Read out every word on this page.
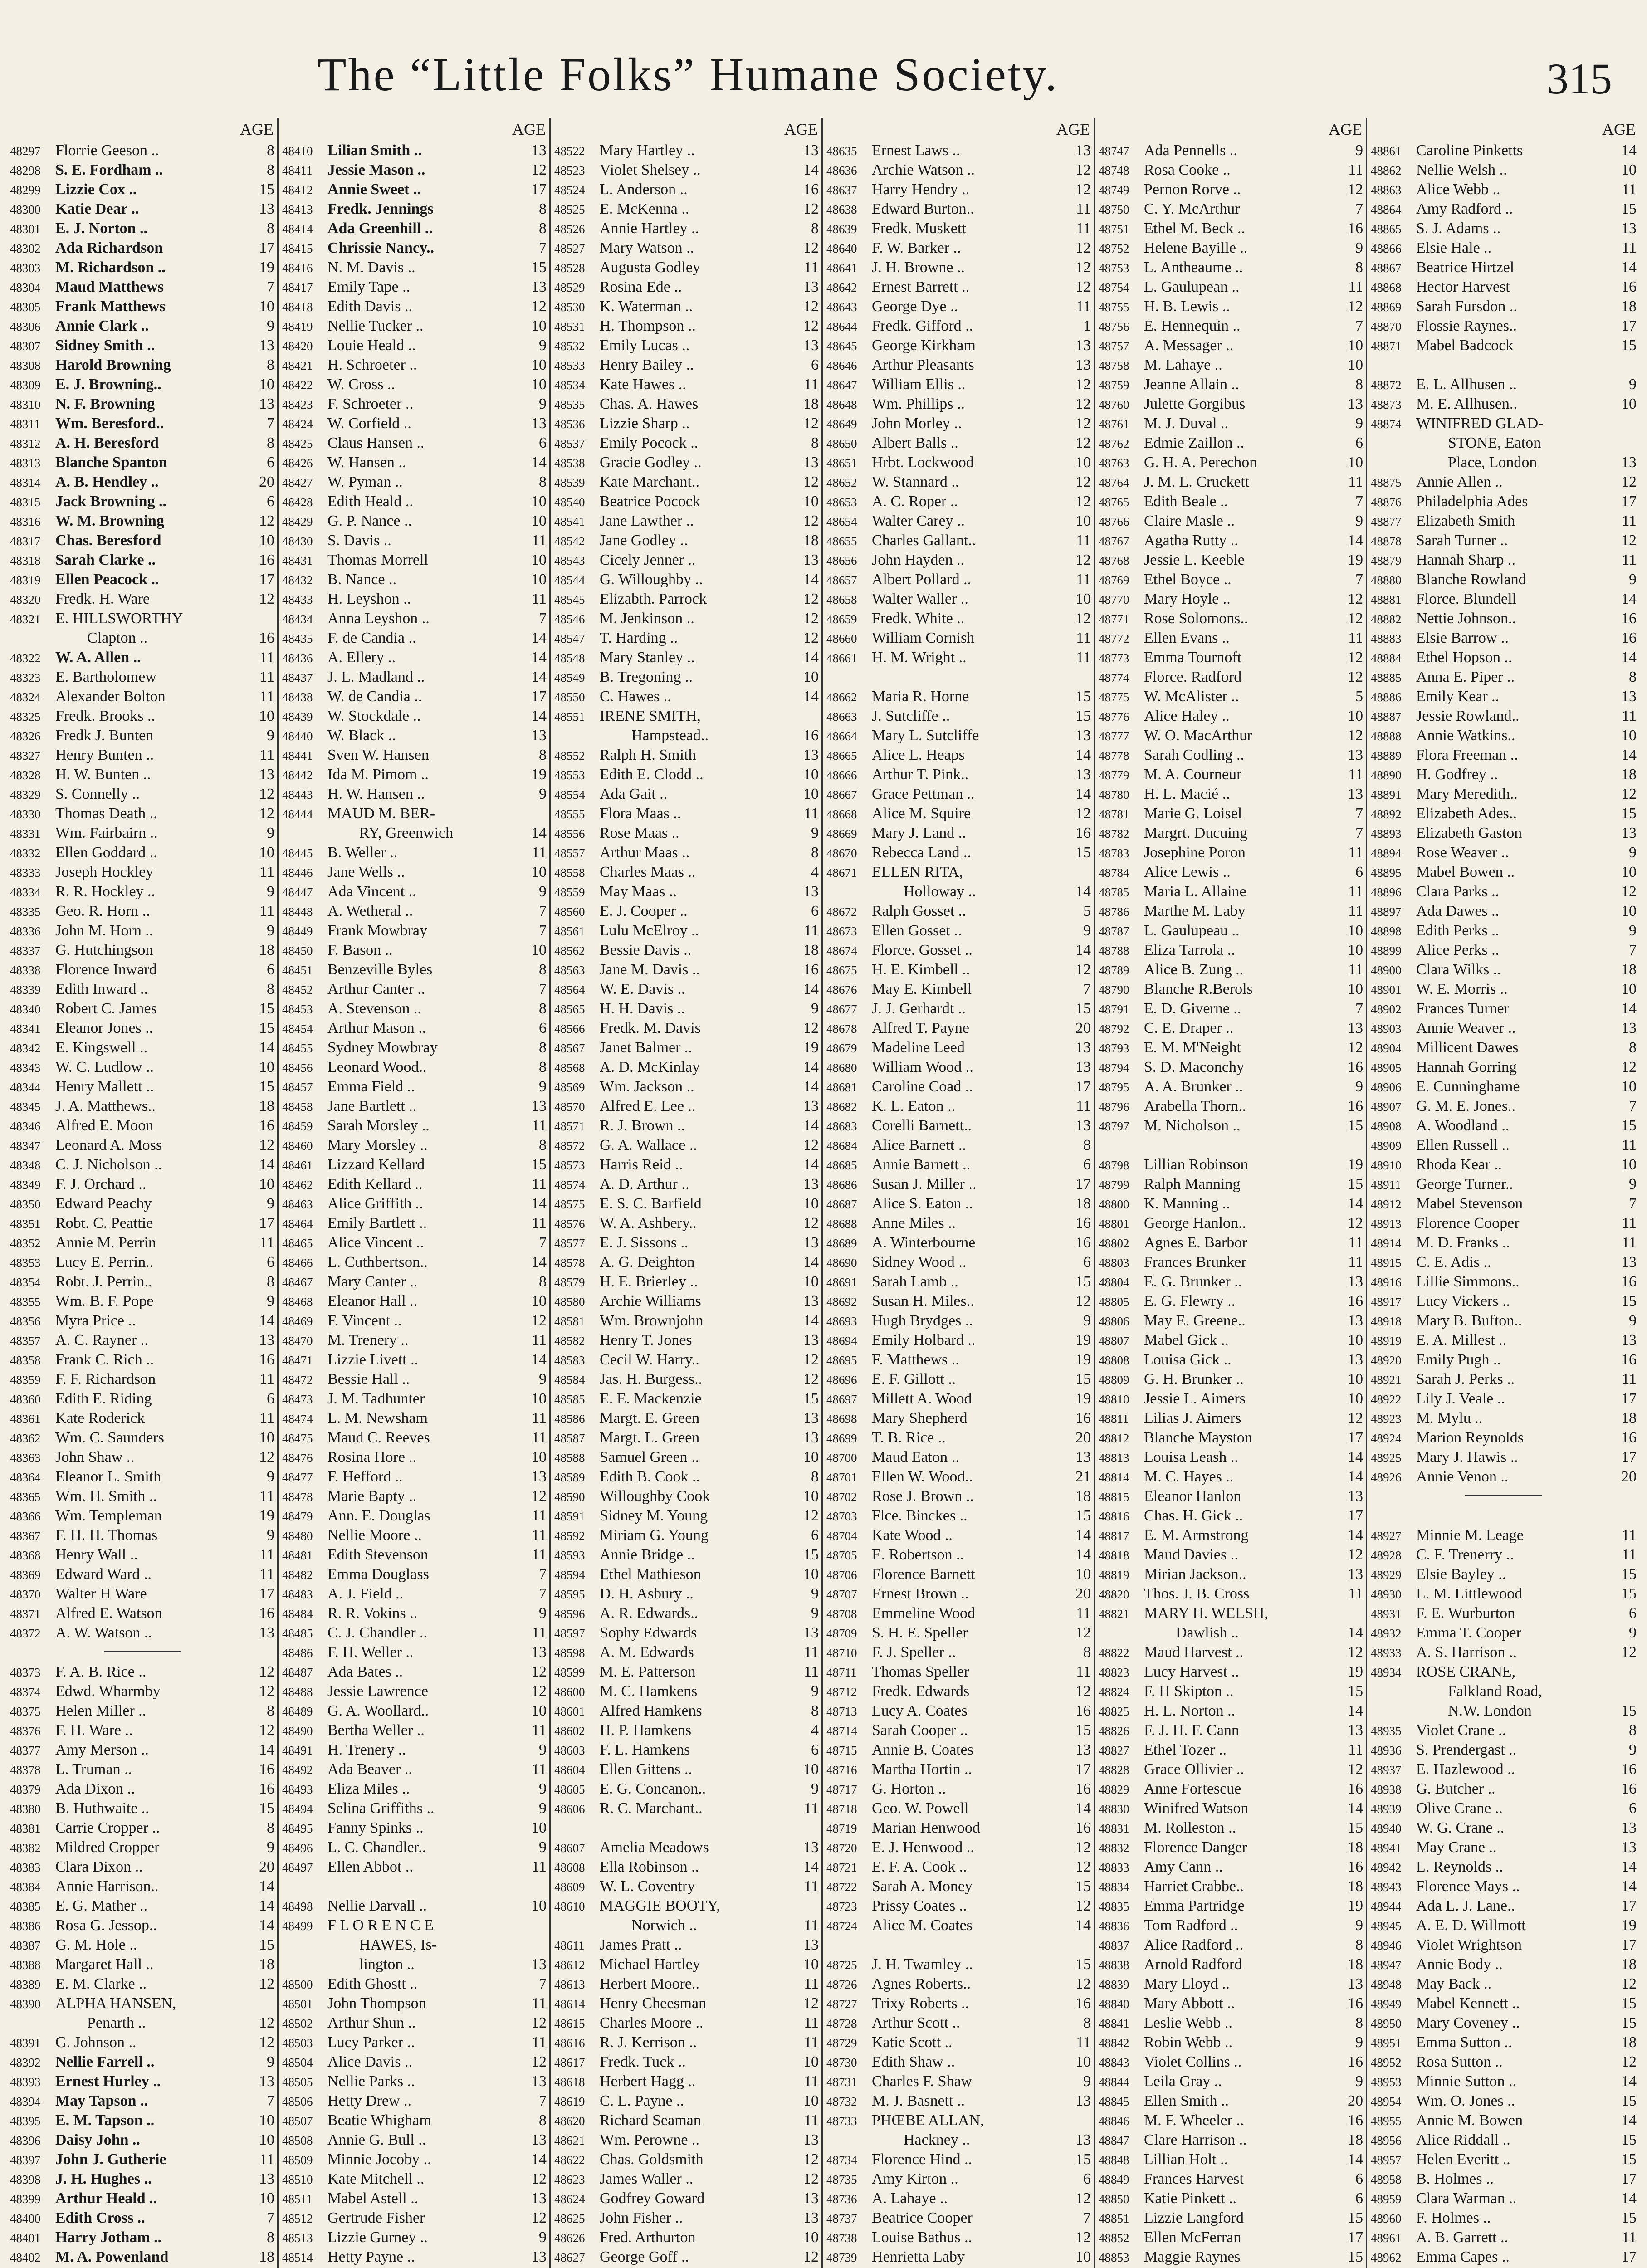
The “Little Folks” Humane Society.	315
AGE
48297 Florrie Geeson ..	8
48298 S. E. Fordham ..	8
48299 Lizzie Cox ..	15
48300 Katie Dear ..	13
48301 E. J. Norton ..	8
48302 Ada Richardson	17
48303 M. Richardson ..	19
48304 Maud Matthews	7
48305 Frank Matthews	10
48306 Annie Clark ..	9
48307 Sidney Smith ..	13
48308 Harold Browning	8
48309 E. J. Browning..	10
48310 N. F. Browning	13
48311 Wm. Beresford..	7
48312 A. H. Beresford	8
48313 Blanche Spanton	6
48314 A. B. Hendley ..	20
48315 Jack Browning ..	6
48316 W. M. Browning	12
48317 Chas. Beresford	10
48318 Sarah Clarke ..	16
48319 Ellen Peacock ..	17
48320 Fredk. H. Ware	12
48321 E. HILLSWORTHY
Clapton ..	16
48322 W. A. Allen ..	11
48323 E. Bartholomew	11
48324 Alexander Bolton	11
48325 Fredk. Brooks ..	10
48326 Fredk J. Bunten	9
48327 Henry Bunten ..	11
48328 H. W. Bunten ..	13
48329 S. Connelly ..	12
48330 Thomas Death ..	12
48331 Wm. Fairbairn ..	9
48332 Ellen Goddard ..	10
48333 Joseph Hockley	11
48334 R. R. Hockley ..	9
48335 Geo. R. Horn ..	11
48336 John M. Horn ..	9
48337 G. Hutchingson	18
48338 Florence Inward	6
48339 Edith Inward ..	8
48340 Robert C. James	15
48341 Eleanor Jones ..	15
48342 E. Kingswell ..	14
48343 W. C. Ludlow ..	10
48344 Henry Mallett ..	15
48345 J. A. Matthews..	18
48346 Alfred E. Moon	16
48347 Leonard A. Moss	12
48348 C. J. Nicholson ..	14
48349 F. J. Orchard ..	10
48350 Edward Peachy	9
48351 Robt. C. Peattie	17
48352 Annie M. Perrin	11
48353 Lucy E. Perrin..	6
48354 Robt. J. Perrin..	8
48355 Wm. B. F. Pope	9
48356 Myra Price ..	14
48357 A. C. Rayner ..	13
48358 Frank C. Rich ..	16
48359 F. F. Richardson	11
48360 Edith E. Riding	6
48361 Kate Roderick	11
48362 Wm. C. Saunders	10
48363 John Shaw ..	12
48364 Eleanor L. Smith	9
48365 Wm. H. Smith ..	11
48366 Wm. Templeman	19
48367 F. H. H. Thomas	9
48368 Henry Wall ..	11
48369 Edward Ward ..	11
48370 Walter H Ware	17
48371 Alfred E. Watson	16
48372 A. W. Watson ..	13
48373 F. A. B. Rice ..	12
48374 Edwd. Wharmby	12
48375 Helen Miller ..	8
48376 F. H. Ware ..	12
48377 Amy Merson ..	14
48378 L. Truman ..	16
48379 Ada Dixon ..	16
48380 B. Huthwaite ..	15
48381 Carrie Cropper ..	8
48382 Mildred Cropper	9
48383 Clara Dixon ..	20
48384 Annie Harrison..	14
48385 E. G. Mather ..	14
48386 Rosa G. Jessop..	14
48387 G. M. Hole ..	15
48388 Margaret Hall ..	18
48389 E. M. Clarke ..	12
48390 ALPHA HANSEN,
Penarth ..	12
48391 G. Johnson ..	12
48392 Nellie Farrell ..	9
48393 Ernest Hurley ..	13
48394 May Tapson ..	7
48395 E. M. Tapson ..	10
48396 Daisy John ..	10
48397 John J. Gutherie	11
48398 J. H. Hughes ..	13
48399 Arthur Heald ..	10
48400 Edith Cross ..	7
48401 Harry Jotham ..	8
48402 M. A. Powenland	18
AGE
48410 Lilian Smith ..	13
48411 Jessie Mason ..	12
48412 Annie Sweet ..	17
48413 Fredk. Jennings	8
48414 Ada Greenhill ..	8
48415 Chrissie Nancy..	7
48416 N. M. Davis ..	15
48417 Emily Tape ..	13
48418 Edith Davis ..	12
48419 Nellie Tucker ..	10
48420 Louie Heald ..	9
48421 H. Schroeter ..	10
48422 W. Cross ..	10
48423 F. Schroeter ..	9
48424 W. Corfield ..	13
48425 Claus Hansen ..	6
48426 W. Hansen ..	14
48427 W. Pyman ..	8
48428 Edith Heald ..	10
48429 G. P. Nance ..	10
48430 S. Davis ..	11
48431 Thomas Morrell	10
48432 B. Nance ..	10
48433 H. Leyshon ..	11
48434 Anna Leyshon ..	7
48435 F. de Candia ..	14
48436 A. Ellery ..	14
48437 J. L. Madland ..	14
48438 W. de Candia ..	17
48439 W. Stockdale ..	14
48440 W. Black ..	13
48441 Sven W. Hansen	8
48442 Ida M. Pimom ..	19
48443 H. W. Hansen ..	9
48444 MAUD M. BER-
RY, Greenwich	14
48445 B. Weller ..	11
48446 Jane Wells ..	10
48447 Ada Vincent ..	9
48448 A. Wetheral ..	7
48449 Frank Mowbray	7
48450 F. Bason ..	10
48451 Benzeville Byles	8
48452 Arthur Canter ..	7
48453 A. Stevenson ..	8
48454 Arthur Mason ..	6
48455 Sydney Mowbray	8
48456 Leonard Wood..	8
48457 Emma Field ..	9
48458 Jane Bartlett ..	13
48459 Sarah Morsley ..	11
48460 Mary Morsley ..	8
48461 Lizzard Kellard	15
48462 Edith Kellard ..	11
48463 Alice Griffith ..	14
48464 Emily Bartlett ..	11
48465 Alice Vincent ..	7
48466 L. Cuthbertson..	14
48467 Mary Canter ..	8
48468 Eleanor Hall ..	10
48469 F. Vincent ..	12
48470 M. Trenery ..	11
48471 Lizzie Livett ..	14
48472 Bessie Hall ..	9
48473 J. M. Tadhunter	10
48474 L. M. Newsham	11
48475 Maud C. Reeves	11
48476 Rosina Hore ..	10
48477 F. Hefford ..	13
48478 Marie Bapty ..	12
48479 Ann. E. Douglas	11
48480 Nellie Moore ..	11
48481 Edith Stevenson	11
48482 Emma Douglass	7
48483 A. J. Field ..	7
48484 R. R. Vokins ..	9
48485 C. J. Chandler ..	11
48486 F. H. Weller ..	13
48487 Ada Bates ..	12
48488 Jessie Lawrence	12
48489 G. A. Woollard..	10
48490 Bertha Weller ..	11
48491 H. Trenery ..	9
48492 Ada Beaver ..	11
48493 Eliza Miles ..	9
48494 Selina Griffiths ..	9
48495 Fanny Spinks ..	10
48496 L. C. Chandler..	9
48497 Ellen Abbot ..	11
48498 Nellie Darvall ..	10
48499 F L O R E N C E
HAWES, Is-
lington ..	13
48500 Edith Ghostt ..	7
48501 John Thompson	11
48502 Arthur Shun ..	12
48503 Lucy Parker ..	11
48504 Alice Davis ..	12
48505 Nellie Parks ..	13
48506 Hetty Drew ..	7
48507 Beatie Whigham	8
48508 Annie G. Bull ..	13
48509 Minnie Jocoby ..	14
48510 Kate Mitchell ..	12
48511 Mabel Astell ..	13
48512 Gertrude Fisher	12
48513 Lizzie Gurney ..	9
48514 Hetty Payne ..	13
AGE
48522 Mary Hartley ..	13
48523 Violet Shelsey ..	14
48524 L. Anderson ..	16
48525 E. McKenna ..	12
48526 Annie Hartley ..	8
48527 Mary Watson ..	12
48528 Augusta Godley	11
48529 Rosina Ede ..	13
48530 K. Waterman ..	12
48531 H. Thompson ..	12
48532 Emily Lucas ..	13
48533 Henry Bailey ..	6
48534 Kate Hawes ..	11
48535 Chas. A. Hawes	18
48536 Lizzie Sharp ..	12
48537 Emily Pocock ..	8
48538 Gracie Godley ..	13
48539 Kate Marchant..	12
48540 Beatrice Pocock	10
48541 Jane Lawther ..	12
48542 Jane Godley ..	18
48543 Cicely Jenner ..	13
48544 G. Willoughby ..	14
48545 Elizabth. Parrock	12
48546 M. Jenkinson ..	12
48547 T. Harding ..	12
48548 Mary Stanley ..	14
48549 B. Tregoning ..	10
48550 C. Hawes ..	14
48551 IRENE SMITH,
Hampstead..	16
48552 Ralph H. Smith	13
48553 Edith E. Clodd ..	10
48554 Ada Gait ..	10
48555 Flora Maas ..	11
48556 Rose Maas ..	9
48557 Arthur Maas ..	8
48558 Charles Maas ..	4
48559 May Maas ..	13
48560 E. J. Cooper ..	6
48561 Lulu McElroy ..	11
48562 Bessie Davis ..	18
48563 Jane M. Davis ..	16
48564 W. E. Davis ..	14
48565 H. H. Davis ..	9
48566 Fredk. M. Davis	12
48567 Janet Balmer ..	19
48568 A. D. McKinlay	14
48569 Wm. Jackson ..	14
48570 Alfred E. Lee ..	13
48571 R. J. Brown ..	14
48572 G. A. Wallace ..	12
48573 Harris Reid ..	14
48574 A. D. Arthur ..	13
48575 E. S. C. Barfield	10
48576 W. A. Ashbery..	12
48577 E. J. Sissons ..	13
48578 A. G. Deighton	14
48579 H. E. Brierley ..	10
48580 Archie Williams	13
48581 Wm. Brownjohn	14
48582 Henry T. Jones	13
48583 Cecil W. Harry..	12
48584 Jas. H. Burgess..	12
48585 E. E. Mackenzie	15
48586 Margt. E. Green	13
48587 Margt. L. Green	13
48588 Samuel Green ..	10
48589 Edith B. Cook ..	8
48590 Willoughby Cook	10
48591 Sidney M. Young	12
48592 Miriam G. Young	6
48593 Annie Bridge ..	15
48594 Ethel Mathieson	10
48595 D. H. Asbury ..	9
48596 A. R. Edwards..	9
48597 Sophy Edwards	13
48598 A. M. Edwards	11
48599 M. E. Patterson	11
48600 M. C. Hamkens	9
48601 Alfred Hamkens	8
48602 H. P. Hamkens	4
48603 F. L. Hamkens	6
48604 Ellen Gittens ..	10
48605 E. G. Concanon..	9
48606 R. C. Marchant..	11
48607 Amelia Meadows	13
48608 Ella Robinson ..	14
48609 W. L. Coventry	11
48610 MAGGIE BOOTY,
Norwich ..	11
48611 James Pratt ..	13
48612 Michael Hartley	10
48613 Herbert Moore..	11
48614 Henry Cheesman	12
48615 Charles Moore ..	11
48616 R. J. Kerrison ..	11
48617 Fredk. Tuck ..	10
48618 Herbert Hagg ..	11
48619 C. L. Payne ..	10
48620 Richard Seaman	11
48621 Wm. Perowne ..	13
48622 Chas. Goldsmith	12
48623 James Waller ..	12
48624 Godfrey Goward	13
48625 John Fisher ..	13
48626 Fred. Arthurton	10
48627 George Goff ..	12
AGE
48635 Ernest Laws ..	13
48636 Archie Watson ..	12
48637 Harry Hendry ..	12
48638 Edward Burton..	11
48639 Fredk. Muskett	11
48640 F. W. Barker ..	12
48641 J. H. Browne ..	12
48642 Ernest Barrett ..	12
48643 George Dye ..	11
48644 Fredk. Gifford ..	1
48645 George Kirkham	13
48646 Arthur Pleasants	13
48647 William Ellis ..	12
48648 Wm. Phillips ..	12
48649 John Morley ..	12
48650 Albert Balls ..	12
48651 Hrbt. Lockwood	10
48652 W. Stannard ..	12
48653 A. C. Roper ..	12
48654 Walter Carey ..	10
48655 Charles Gallant..	11
48656 John Hayden ..	12
48657 Albert Pollard ..	11
48658 Walter Waller ..	10
48659 Fredk. White ..	12
48660 William Cornish	11
48661 H. M. Wright ..	11
48662 Maria R. Horne	15
48663 J. Sutcliffe ..	15
48664 Mary L. Sutcliffe	13
48665 Alice L. Heaps	14
48666 Arthur T. Pink..	13
48667 Grace Pettman ..	14
48668 Alice M. Squire	12
48669 Mary J. Land ..	16
48670 Rebecca Land ..	15
48671 ELLEN RITA,
Holloway ..	14
48672 Ralph Gosset ..	5
48673 Ellen Gosset ..	9
48674 Florce. Gosset ..	14
48675 H. E. Kimbell ..	12
48676 May E. Kimbell	7
48677 J. J. Gerhardt ..	15
48678 Alfred T. Payne	20
48679 Madeline Leed	13
48680 William Wood ..	13
48681 Caroline Coad ..	17
48682 K. L. Eaton ..	11
48683 Corelli Barnett..	13
48684 Alice Barnett ..	8
48685 Annie Barnett ..	6
48686 Susan J. Miller ..	17
48687 Alice S. Eaton ..	18
48688 Anne Miles ..	16
48689 A. Winterbourne	16
48690 Sidney Wood ..	6
48691 Sarah Lamb ..	15
48692 Susan H. Miles..	12
48693 Hugh Brydges ..	9
48694 Emily Holbard ..	19
48695 F. Matthews ..	19
48696 E. F. Gillott ..	15
48697 Millett A. Wood	19
48698 Mary Shepherd	16
48699 T. B. Rice ..	20
48700 Maud Eaton ..	13
48701 Ellen W. Wood..	21
48702 Rose J. Brown ..	18
48703 Flce. Binckes ..	15
48704 Kate Wood ..	14
48705 E. Robertson ..	14
48706 Florence Barnett	10
48707 Ernest Brown ..	20
48708 Emmeline Wood	11
48709 S. H. E. Speller	12
48710 F. J. Speller ..	8
48711 Thomas Speller	11
48712 Fredk. Edwards	12
48713 Lucy A. Coates	16
48714 Sarah Cooper ..	15
48715 Annie B. Coates	13
48716 Martha Hortin ..	17
48717 G. Horton ..	16
48718 Geo. W. Powell	14
48719 Marian Henwood	16
48720 E. J. Henwood ..	12
48721 E. F. A. Cook ..	12
48722 Sarah A. Money	15
48723 Prissy Coates ..	12
48724 Alice M. Coates	14
48725 J. H. Twamley ..	15
48726 Agnes Roberts..	12
48727 Trixy Roberts ..	16
48728 Arthur Scott ..	8
48729 Katie Scott ..	11
48730 Edith Shaw ..	10
48731 Charles F. Shaw	9
48732 M. J. Basnett ..	13
48733 PHŒBE ALLAN,
Hackney ..	13
48734 Florence Hind ..	15
48735 Amy Kirton ..	6
48736 A. Lahaye ..	12
48737 Beatrice Cooper	7
48738 Louise Bathus ..	12
48739 Henrietta Laby	10
AGE
48747 Ada Pennells ..	9
48748 Rosa Cooke ..	11
48749 Pernon Rorve ..	12
48750 C. Y. McArthur	7
48751 Ethel M. Beck ..	16
48752 Helene Bayille ..	9
48753 L. Antheaume ..	8
48754 L. Gaulupean ..	11
48755 H. B. Lewis ..	12
48756 E. Hennequin ..	7
48757 A. Messager ..	10
48758 M. Lahaye ..	10
48759 Jeanne Allain ..	8
48760 Julette Gorgibus	13
48761 M. J. Duval ..	9
48762 Edmie Zaillon ..	6
48763 G. H. A. Perechon	10
48764 J. M. L. Cruckett	11
48765 Edith Beale ..	7
48766 Claire Masle ..	9
48767 Agatha Rutty ..	14
48768 Jessie L. Keeble	19
48769 Ethel Boyce ..	7
48770 Mary Hoyle ..	12
48771 Rose Solomons..	12
48772 Ellen Evans ..	11
48773 Emma Tournoft	12
48774 Florce. Radford	12
48775 W. McAlister ..	5
48776 Alice Haley ..	10
48777 W. O. MacArthur	12
48778 Sarah Codling ..	13
48779 M. A. Courneur	11
48780 H. L. Macié ..	13
48781 Marie G. Loisel	7
48782 Margrt. Ducuing	7
48783 Josephine Poron	11
48784 Alice Lewis ..	6
48785 Maria L. Allaine	11
48786 Marthe M. Laby	11
48787 L. Gaulupeau ..	10
48788 Eliza Tarrola ..	10
48789 Alice B. Zung ..	11
48790 Blanche R.Berols	10
48791 E. D. Giverne ..	7
48792 C. E. Draper ..	13
48793 E. M. M'Neight	12
48794 S. D. Maconchy	16
48795 A. A. Brunker ..	9
48796 Arabella Thorn..	16
48797 M. Nicholson ..	15
48798 Lillian Robinson	19
48799 Ralph Manning	15
48800 K. Manning ..	14
48801 George Hanlon..	12
48802 Agnes E. Barbor	11
48803 Frances Brunker	11
48804 E. G. Brunker ..	13
48805 E. G. Flewry ..	16
48806 May E. Greene..	13
48807 Mabel Gick ..	10
48808 Louisa Gick ..	13
48809 G. H. Brunker ..	10
48810 Jessie L. Aimers	10
48811 Lilias J. Aimers	12
48812 Blanche Mayston	17
48813 Louisa Leash ..	14
48814 M. C. Hayes ..	14
48815 Eleanor Hanlon	13
48816 Chas. H. Gick ..	17
48817 E. M. Armstrong	14
48818 Maud Davies ..	12
48819 Mirian Jackson..	13
48820 Thos. J. B. Cross	11
48821 MARY H. WELSH,
Dawlish ..	14
48822 Maud Harvest ..	12
48823 Lucy Harvest ..	19
48824 F. H Skipton ..	15
48825 H. L. Norton ..	14
48826 F. J. H. F. Cann	13
48827 Ethel Tozer ..	11
48828 Grace Ollivier ..	12
48829 Anne Fortescue	16
48830 Winifred Watson	14
48831 M. Rolleston ..	15
48832 Florence Danger	18
48833 Amy Cann ..	16
48834 Harriet Crabbe..	18
48835 Emma Partridge	19
48836 Tom Radford ..	9
48837 Alice Radford ..	8
48838 Arnold Radford	18
48839 Mary Lloyd ..	13
48840 Mary Abbott ..	16
48841 Leslie Webb ..	8
48842 Robin Webb ..	9
48843 Violet Collins ..	16
48844 Leila Gray ..	9
48845 Ellen Smith ..	20
48846 M. F. Wheeler ..	16
48847 Clare Harrison ..	18
48848 Lillian Holt ..	14
48849 Frances Harvest	6
48850 Katie Pinkett ..	6
48851 Lizzie Langford	15
48852 Ellen McFerran	17
48853 Maggie Raynes	15
AGE
48861 Caroline Pinketts	14
48862 Nellie Welsh ..	10
48863 Alice Webb ..	11
48864 Amy Radford ..	15
48865 S. J. Adams ..	13
48866 Elsie Hale ..	11
48867 Beatrice Hirtzel	14
48868 Hector Harvest	16
48869 Sarah Fursdon ..	18
48870 Flossie Raynes..	17
48871 Mabel Badcock	15
48872 E. L. Allhusen ..	9
48873 M. E. Allhusen..	10
48874 WINIFRED GLAD-
STONE, Eaton
Place, London	13
48875 Annie Allen ..	12
48876 Philadelphia Ades	17
48877 Elizabeth Smith	11
48878 Sarah Turner ..	12
48879 Hannah Sharp ..	11
48880 Blanche Rowland	9
48881 Florce. Blundell	14
48882 Nettie Johnson..	16
48883 Elsie Barrow ..	16
48884 Ethel Hopson ..	14
48885 Anna E. Piper ..	8
48886 Emily Kear ..	13
48887 Jessie Rowland..	11
48888 Annie Watkins..	10
48889 Flora Freeman ..	14
48890 H. Godfrey ..	18
48891 Mary Meredith..	12
48892 Elizabeth Ades..	15
48893 Elizabeth Gaston	13
48894 Rose Weaver ..	9
48895 Mabel Bowen ..	10
48896 Clara Parks ..	12
48897 Ada Dawes ..	10
48898 Edith Perks ..	9
48899 Alice Perks ..	7
48900 Clara Wilks ..	18
48901 W. E. Morris ..	10
48902 Frances Turner	14
48903 Annie Weaver ..	13
48904 Millicent Dawes	8
48905 Hannah Gorring	12
48906 E. Cunninghame	10
48907 G. M. E. Jones..	7
48908 A. Woodland ..	15
48909 Ellen Russell ..	11
48910 Rhoda Kear ..	10
48911 George Turner..	9
48912 Mabel Stevenson	7
48913 Florence Cooper	11
48914 M. D. Franks ..	11
48915 C. E. Adis ..	13
48916 Lillie Simmons..	16
48917 Lucy Vickers ..	15
48918 Mary B. Bufton..	9
48919 E. A. Millest ..	13
48920 Emily Pugh ..	16
48921 Sarah J. Perks ..	11
48922 Lily J. Veale ..	17
48923 M. Mylu ..	18
48924 Marion Reynolds	16
48925 Mary J. Hawis ..	17
48926 Annie Venon ..	20
48927 Minnie M. Leage	11
48928 C. F. Trenerry ..	11
48929 Elsie Bayley ..	15
48930 L. M. Littlewood	15
48931 F. E. Wurburton	6
48932 Emma T. Cooper	9
48933 A. S. Harrison ..	12
48934 ROSE CRANE,
Falkland Road,
N.W. London	15
48935 Violet Crane ..	8
48936 S. Prendergast ..	9
48937 E. Hazlewood ..	16
48938 G. Butcher ..	16
48939 Olive Crane ..	6
48940 W. G. Crane ..	13
48941 May Crane ..	13
48942 L. Reynolds ..	14
48943 Florence Mays ..	14
48944 Ada L. J. Lane..	17
48945 A. E. D. Willmott	19
48946 Violet Wrightson	17
48947 Annie Body ..	18
48948 May Back ..	12
48949 Mabel Kennett ..	15
48950 Mary Coveney ..	15
48951 Emma Sutton ..	18
48952 Rosa Sutton ..	12
48953 Minnie Sutton ..	14
48954 Wm. O. Jones ..	15
48955 Annie M. Bowen	14
48956 Alice Riddall ..	15
48957 Helen Everitt ..	15
48958 B. Holmes ..	17
48959 Clara Warman ..	14
48960 F. Holmes ..	15
48961 A. B. Garrett ..	11
48962 Emma Capes ..	17
